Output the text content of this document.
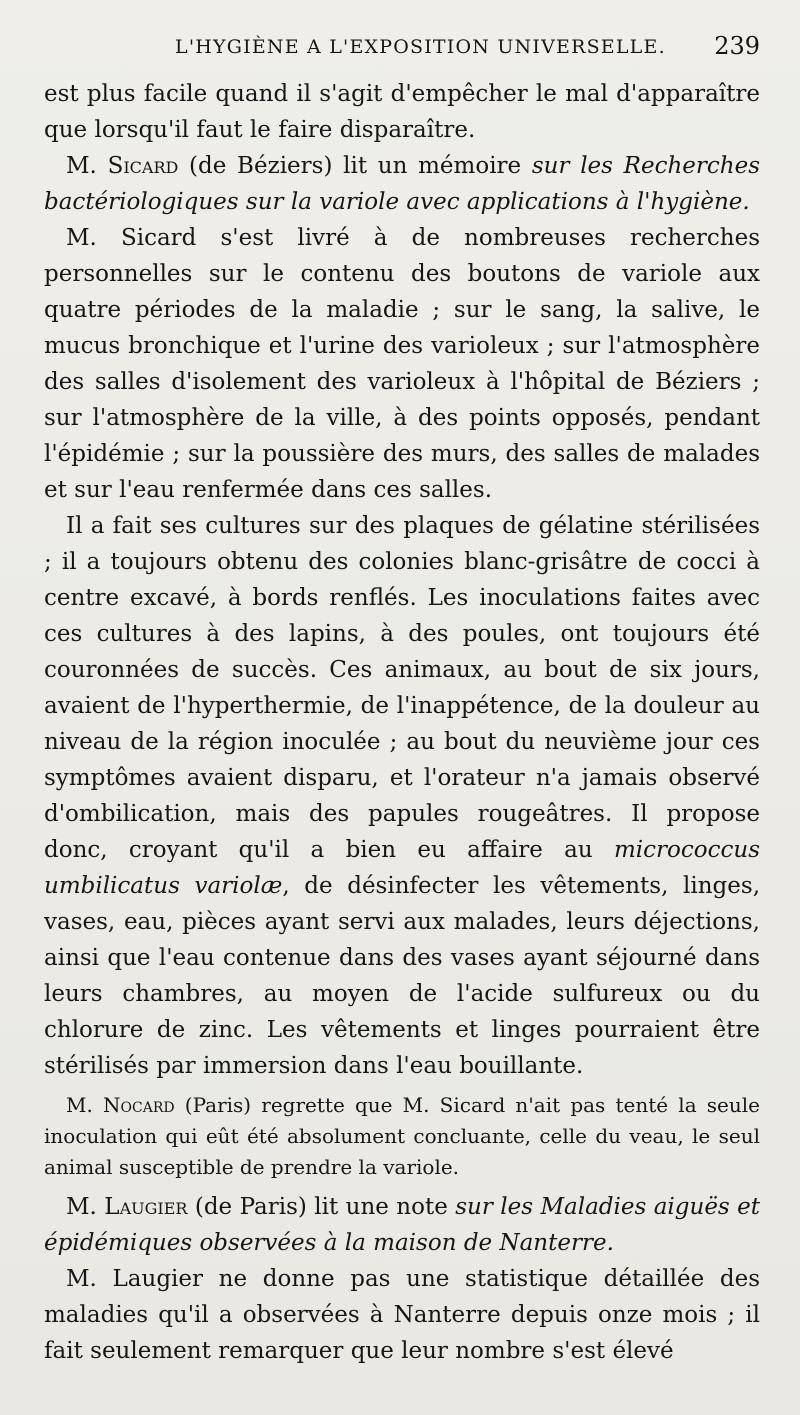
L'HYGIÈNE A L'EXPOSITION UNIVERSELLE. 239

est plus facile quand il s'agit d'empêcher le mal d'apparaître que lorsqu'il faut le faire disparaître.

M. Sicard (de Béziers) lit un mémoire sur les Recherches bactériologiques sur la variole avec applications à l'hygiène.

M. Sicard s'est livré à de nombreuses recherches personnelles sur le contenu des boutons de variole aux quatre périodes de la maladie ; sur le sang, la salive, le mucus bronchique et l'urine des varioleux ; sur l'atmosphère des salles d'isolement des varioleux à l'hôpital de Béziers ; sur l'atmosphère de la ville, à des points opposés, pendant l'épidémie ; sur la poussière des murs, des salles de malades et sur l'eau renfermée dans ces salles.

Il a fait ses cultures sur des plaques de gélatine stérilisées ; il a toujours obtenu des colonies blanc-grisâtre de cocci à centre excavé, à bords renflés. Les inoculations faites avec ces cultures à des lapins, à des poules, ont toujours été couronnées de succès. Ces animaux, au bout de six jours, avaient de l'hyperthermie, de l'inappétence, de la douleur au niveau de la région inoculée ; au bout du neuvième jour ces symptômes avaient disparu, et l'orateur n'a jamais observé d'ombilication, mais des papules rougeâtres. Il propose donc, croyant qu'il a bien eu affaire au micrococcus umbilicatus variolæ, de désinfecter les vêtements, linges, vases, eau, pièces ayant servi aux malades, leurs déjections, ainsi que l'eau contenue dans des vases ayant séjourné dans leurs chambres, au moyen de l'acide sulfureux ou du chlorure de zinc. Les vêtements et linges pourraient être stérilisés par immersion dans l'eau bouillante.

M. Nocard (Paris) regrette que M. Sicard n'ait pas tenté la seule inoculation qui eût été absolument concluante, celle du veau, le seul animal susceptible de prendre la variole.

M. Laugier (de Paris) lit une note sur les Maladies aiguës et épidémiques observées à la maison de Nanterre.

M. Laugier ne donne pas une statistique détaillée des maladies qu'il a observées à Nanterre depuis onze mois ; il fait seulement remarquer que leur nombre s'est élevé
